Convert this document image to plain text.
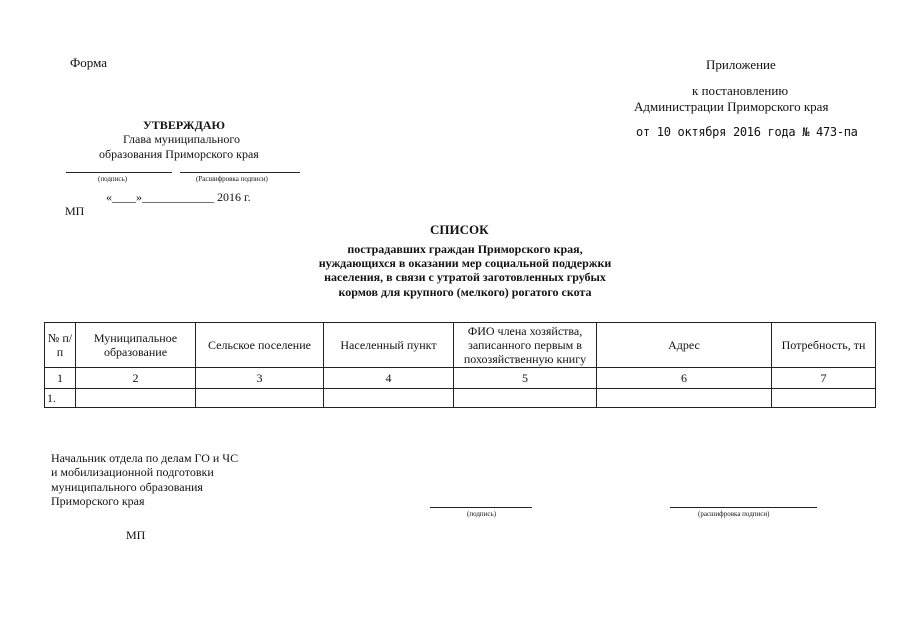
Форма	Приложение
к постановлению
Администрации Приморского края
от 10 октября 2016 года № 473-па
УТВЕРЖДАЮ
Главa муниципального
образования Приморского края
(подпись)	(Расшифровка подписи)
«____»____________ 2016 г.
МП
СПИСОК
пострадавших граждан Приморского края,
нуждающихся в оказании мер социальной поддержки
населения, в связи с утратой заготовленных грубых
кормов для крупного (мелкого) рогатого скота
№ п/п	Муниципальное образование	Сельское поселение	Населенный пункт	ФИО члена хозяйства, записанного первым в похозяйственную книгу	Адрес	Потребность, тн
1	2	3	4	5	6	7
1.						
Начальник отдела по делам ГО и ЧС
и мобилизационной подготовки
муниципального образования
Приморского края
(подпись)	(расшифровка подписи)
МП
